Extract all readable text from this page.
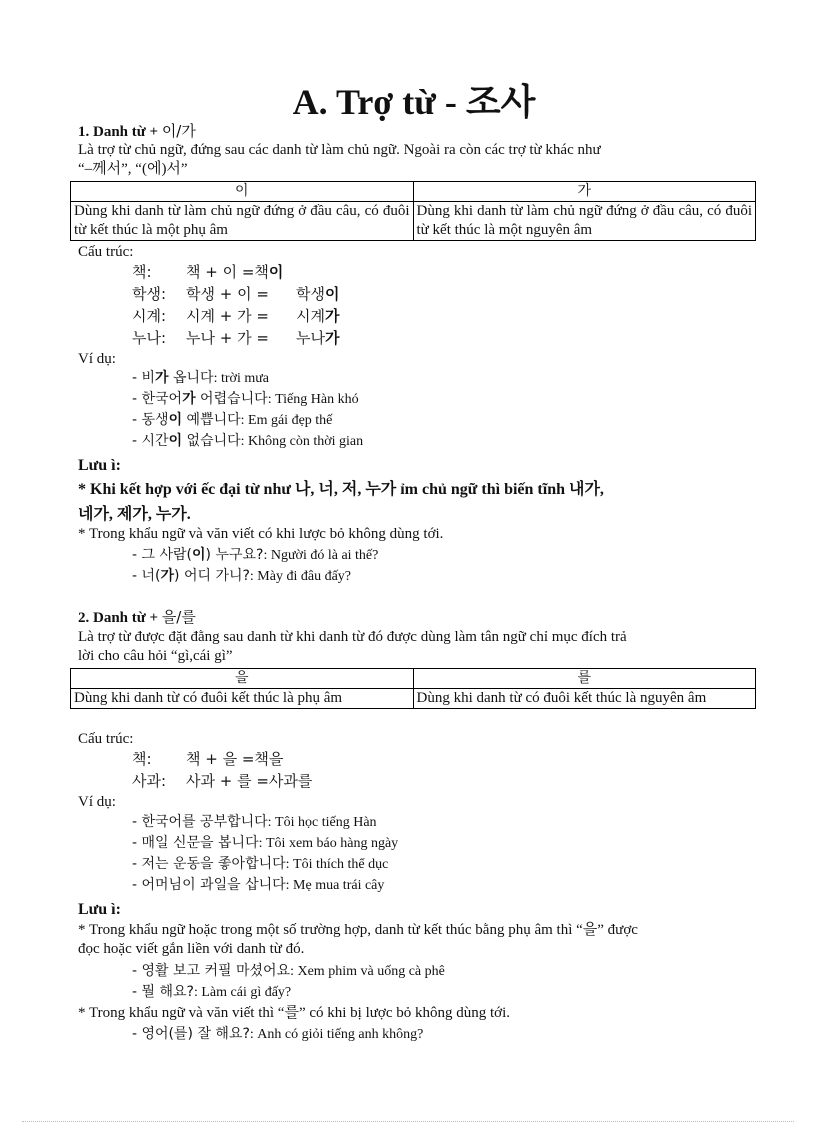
A. Trợ từ - 조사
1. Danh từ + 이/가
Là trợ từ chủ ngữ, đứng sau các danh từ làm chủ ngữ. Ngoài ra còn các trợ từ khác như
“–께서”, “(에)서”
이	가
Dùng khi danh từ làm chủ ngữ đứng ở đầu câu, có đuôi từ kết thúc là một phụ âm	Dùng khi danh từ làm chủ ngữ đứng ở đầu câu, có đuôi từ kết thúc là một nguyên âm
Cấu trúc:
책: 책 + 이 =책이
학생: 학생 + 이 = 학생이
시계: 시계 + 가 = 시계가
누나: 누나 + 가 = 누나가
Ví dụ:
- 비가 옵니다: trời mưa
- 한국어가 어렵습니다: Tiếng Hàn khó
- 동생이 예쁩니다: Em gái đẹp thế
- 시간이 없습니다: Không còn thời gian
Lưu ì:
* Khi kết hợp với ếc đại từ như 나, 너, 저, 누가 ỉm chủ ngữ thì biến tĩnh 내가,
네가, 제가, 누가.
* Trong khẩu ngữ và văn viết có khi lược bỏ không dùng tới.
- 그 사람(이) 누구요?: Người đó là ai thế?
- 너(가) 어디 가니?: Mày đi đâu đấy?
2. Danh từ + 을/를
Là trợ từ được đặt đằng sau danh từ khi danh từ đó được dùng làm tân ngữ chỉ mục đích trả
lời cho câu hỏi “gì,cái gì”
을	를
Dùng khi danh từ có đuôi kết thúc là phụ âm	Dùng khi danh từ có đuôi kết thúc là nguyên âm
Cấu trúc:
책: 책 + 을 =책을
사과: 사과 + 를 =사과를
Ví dụ:
- 한국어를 공부합니다: Tôi học tiếng Hàn
- 매일 신문을 봅니다: Tôi xem báo hàng ngày
- 저는 운동을 좋아합니다: Tôi thích thể dục
- 어머님이 과일을 삽니다: Mẹ mua trái cây
Lưu ì:
* Trong khẩu ngữ hoặc trong một số trường hợp, danh từ kết thúc bằng phụ âm thì “을” được
đọc hoặc viết gắn liền với danh từ đó.
- 영활 보고 커필 마셨어요: Xem phim và uống cà phê
- 뭘 해요?: Làm cái gì đấy?
* Trong khẩu ngữ và văn viết thì “를” có khi bị lược bỏ không dùng tới.
- 영어(를) 잘 해요?: Anh có giỏi tiếng anh không?
